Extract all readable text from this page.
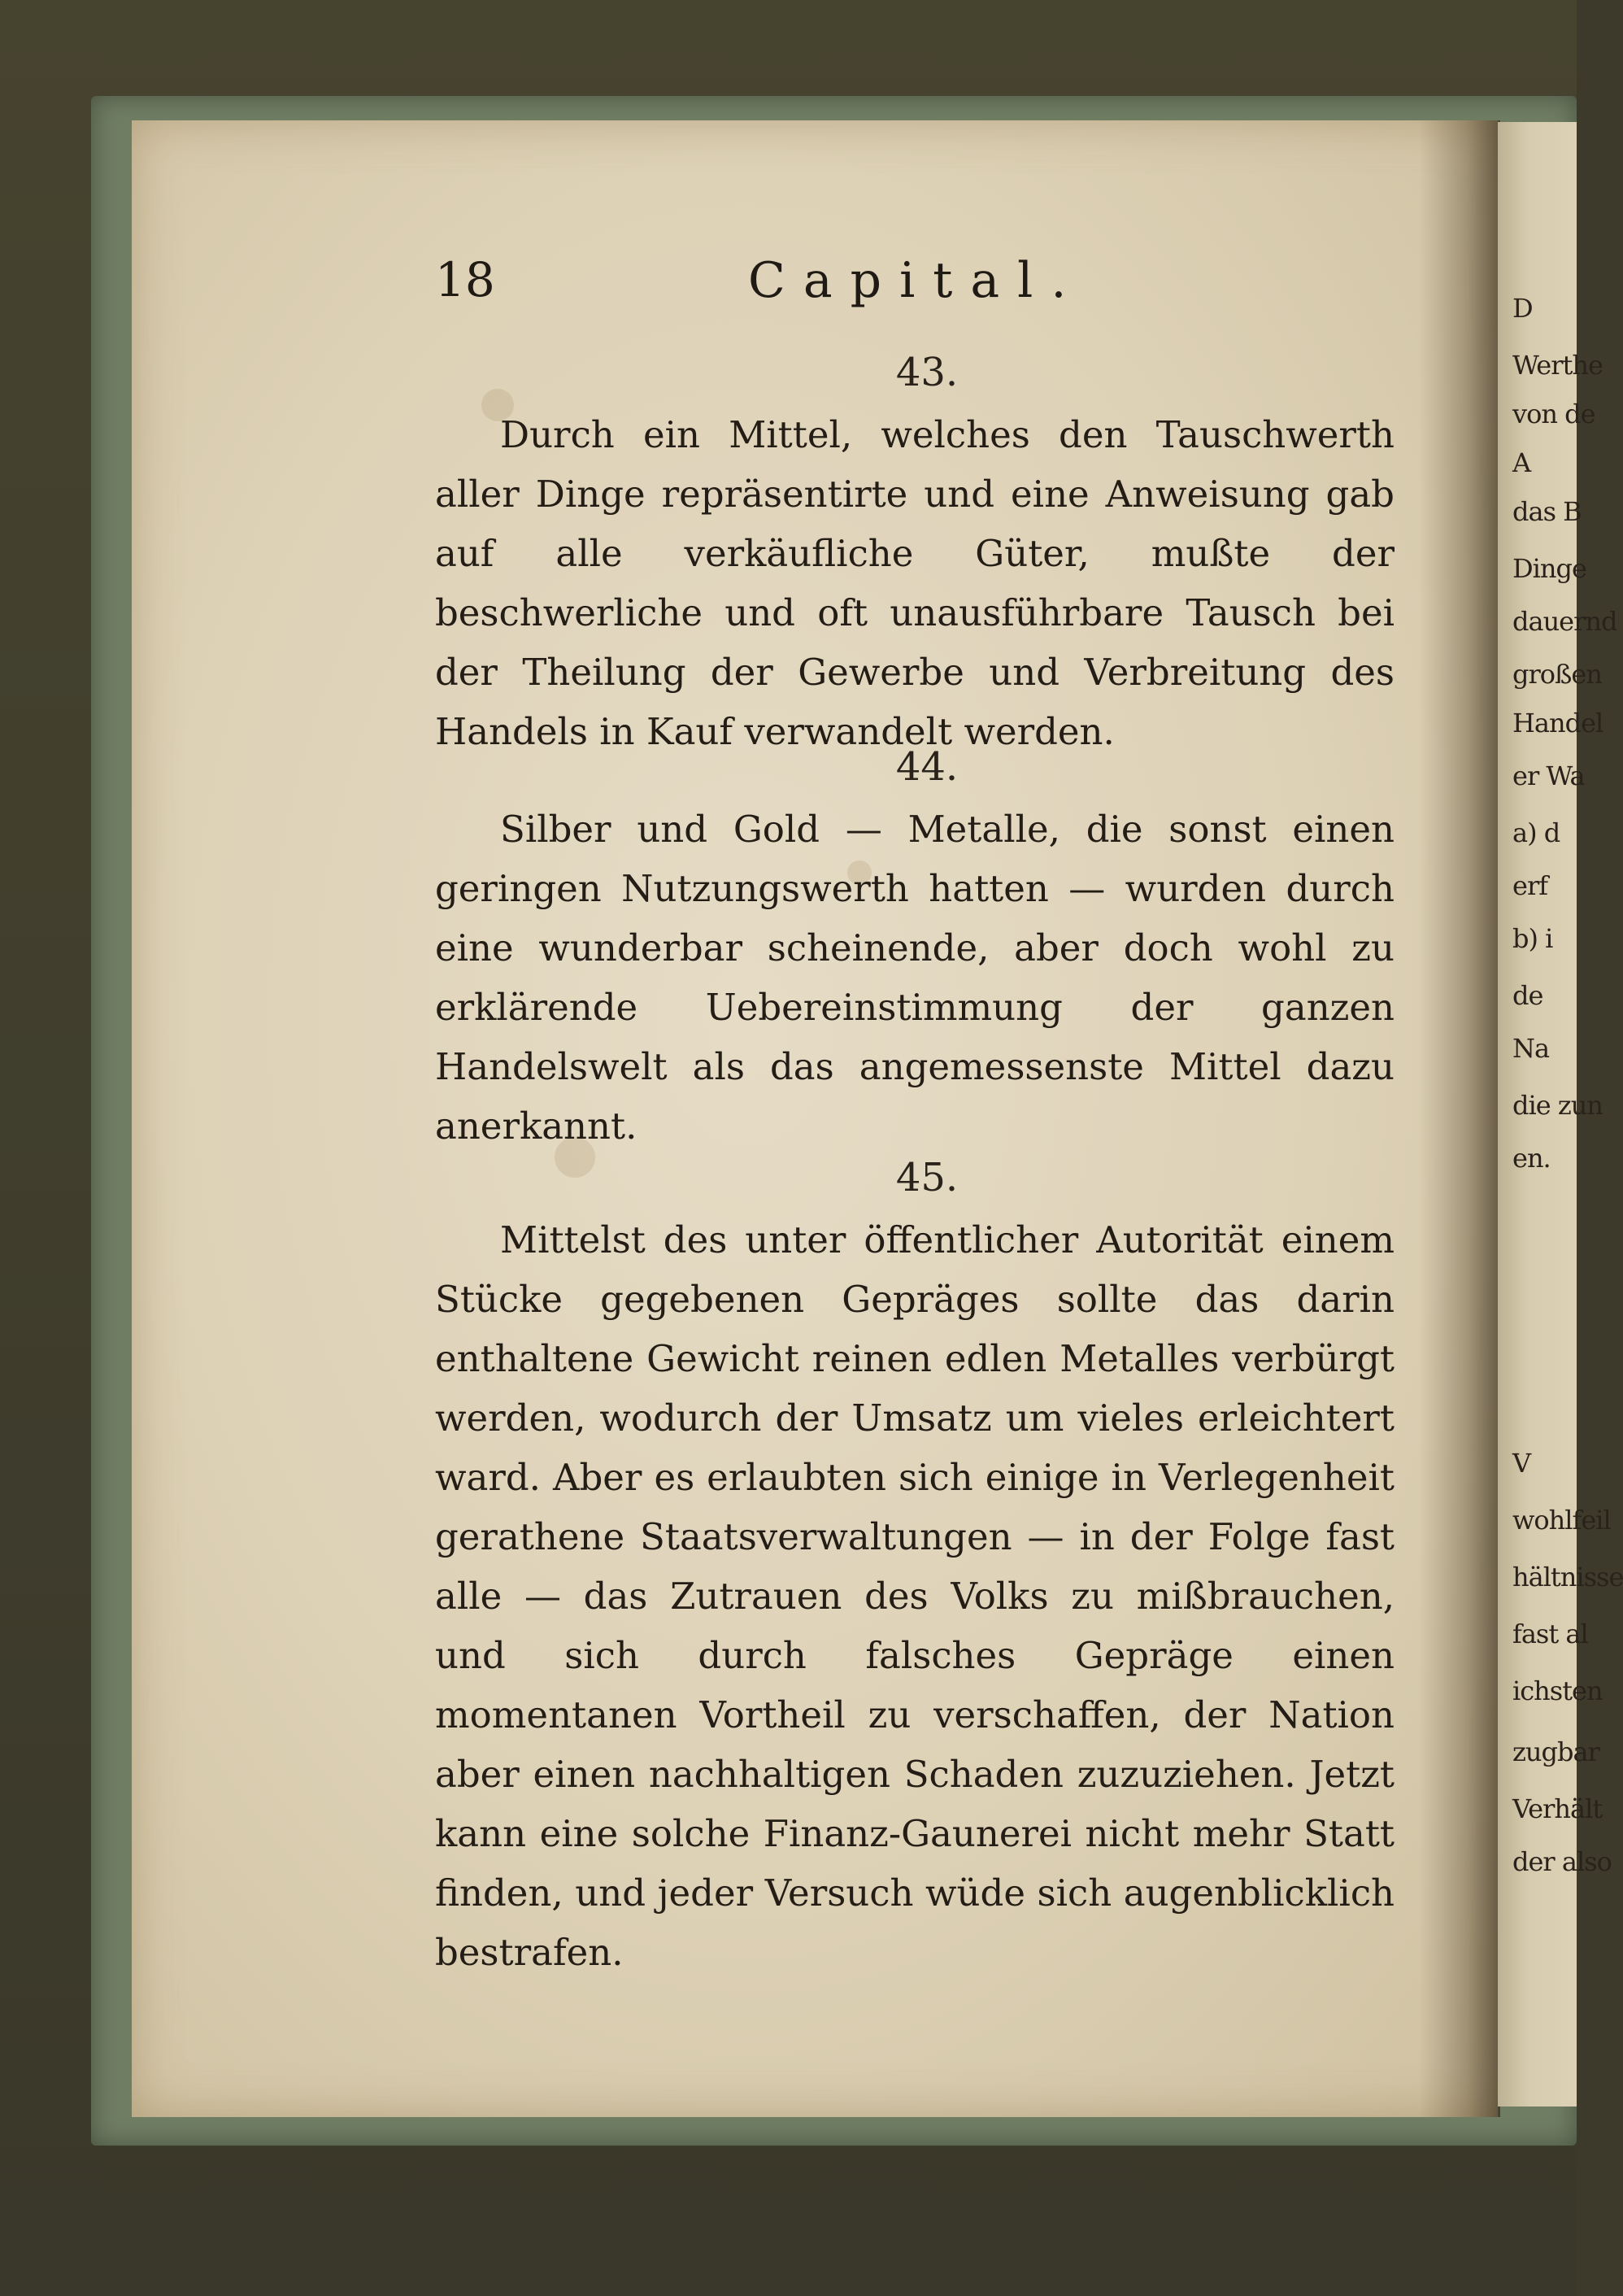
D
Werthe
von de
A
das B
Dinge
dauernd
großen
Handel
er Wa
a) d
erf
b) i
de
Na
die zun
en.
V
wohlfeil
hältnisse
fast al
ichsten
zugbar
Verhält
der also
18	Capital.
43.

Durch ein Mittel, welches den Tauschwerth aller Dinge repräsentirte und eine Anweisung gab auf alle verkäufliche Güter, mußte der beschwerliche und oft unausführbare Tausch bei der Theilung der Gewerbe und Verbreitung des Handels in Kauf verwandelt werden.

44.

Silber und Gold — Metalle, die sonst einen geringen Nutzungswerth hatten — wurden durch eine wunderbar scheinende, aber doch wohl zu erklärende Uebereinstimmung der ganzen Handelswelt als das angemessenste Mittel dazu anerkannt.

45.

Mittelst des unter öffentlicher Autorität einem Stücke gegebenen Gepräges sollte das darin enthaltene Gewicht reinen edlen Metalles verbürgt werden, wodurch der Umsatz um vieles erleichtert ward. Aber es erlaubten sich einige in Verlegenheit gerathene Staatsverwaltungen — in der Folge fast alle — das Zutrauen des Volks zu mißbrauchen, und sich durch falsches Gepräge einen momentanen Vortheil zu verschaffen, der Nation aber einen nachhaltigen Schaden zuzuziehen. Jetzt kann eine solche Finanz-Gaunerei nicht mehr Statt finden, und jeder Versuch wüde sich augenblicklich bestrafen.
